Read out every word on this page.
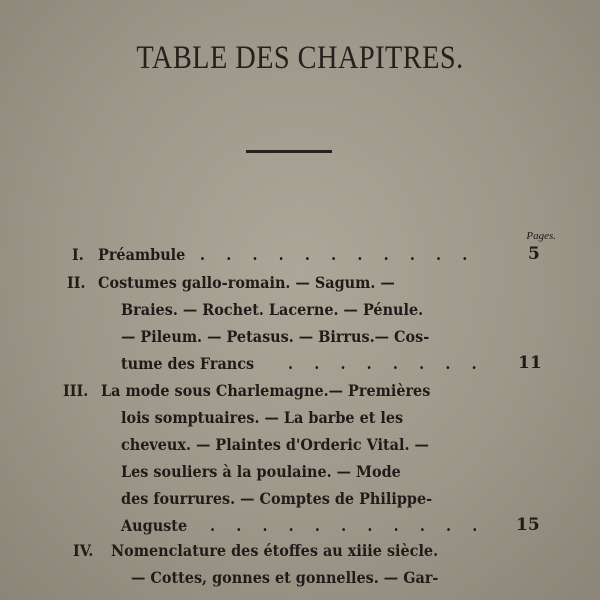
TABLE DES CHAPITRES.
Pages.
I. Préambule . . . . . . . . . . .	5
II. Costumes gallo-romain. — Sagum. —
Braies. — Rochet. Lacerne. — Pénule.
— Pileum. — Petasus. — Birrus.— Cos-
tume des Francs . . . . . . . . 11
III. La mode sous Charlemagne.— Premières
lois somptuaires. — La barbe et les
cheveux. — Plaintes d'Orderic Vital. —
Les souliers à la poulaine. — Mode
des fourrures. — Comptes de Philippe-
Auguste . . . . . . . . . . . 15
IV. Nomenclature des étoffes au xiiie siècle.
— Cottes, gonnes et gonnelles. — Gar-
